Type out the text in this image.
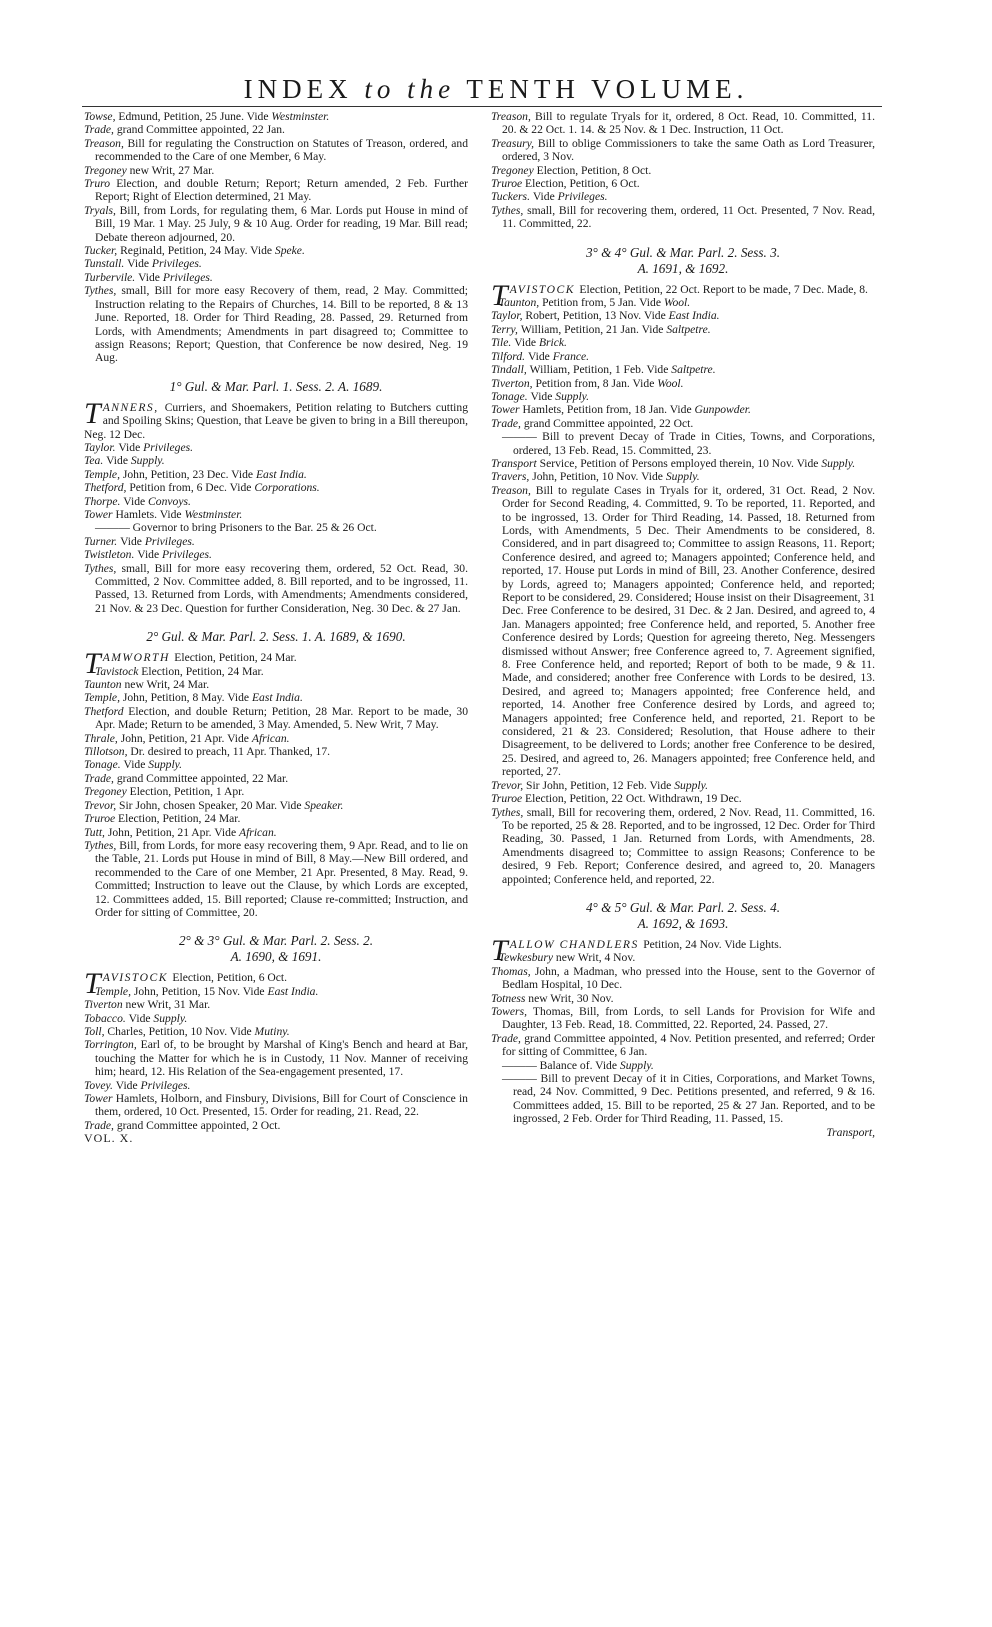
INDEX to the TENTH VOLUME.

Towse, Edmund, Petition, 25 June. Vide Westminster.

Trade, grand Committee appointed, 22 Jan.

Treason, Bill for regulating the Construction on Statutes of Treason, ordered, and recommended to the Care of one Member, 6 May.

Tregoney new Writ, 27 Mar.

Truro Election, and double Return; Report; Return amended, 2 Feb. Further Report; Right of Election determined, 21 May.

Tryals, Bill, from Lords, for regulating them, 6 Mar. Lords put House in mind of Bill, 19 Mar. 1 May. 25 July, 9 & 10 Aug. Order for reading, 19 Mar. Bill read; Debate thereon adjourned, 20.

Tucker, Reginald, Petition, 24 May. Vide Speke.

Tunstall. Vide Privileges.

Turbervile. Vide Privileges.

Tythes, small, Bill for more easy Recovery of them, read, 2 May. Committed; Instruction relating to the Repairs of Churches, 14. Bill to be reported, 8 & 13 June. Reported, 18. Order for Third Reading, 28. Passed, 29. Returned from Lords, with Amendments; Amendments in part disagreed to; Committee to assign Reasons; Report; Question, that Conference be now desired, Neg. 19 Aug.

1° Gul. & Mar. Parl. 1. Sess. 2. A. 1689.

TANNERS, Curriers, and Shoemakers, Petition relating to Butchers cutting and Spoiling Skins; Question, that Leave be given to bring in a Bill thereupon, Neg. 12 Dec.

Taylor. Vide Privileges.

Tea. Vide Supply.

Temple, John, Petition, 23 Dec. Vide East India.

Thetford, Petition from, 6 Dec. Vide Corporations.

Thorpe. Vide Convoys.

Tower Hamlets. Vide Westminster.

——— Governor to bring Prisoners to the Bar. 25 & 26 Oct.

Turner. Vide Privileges.

Twistleton. Vide Privileges.

Tythes, small, Bill for more easy recovering them, ordered, 52 Oct. Read, 30. Committed, 2 Nov. Committee added, 8. Bill reported, and to be ingrossed, 11. Passed, 13. Returned from Lords, with Amendments; Amendments considered, 21 Nov. & 23 Dec. Question for further Consideration, Neg. 30 Dec. & 27 Jan.

2° Gul. & Mar. Parl. 2. Sess. 1. A. 1689, & 1690.

TAMWORTH Election, Petition, 24 Mar.

Tavistock Election, Petition, 24 Mar.

Taunton new Writ, 24 Mar.

Temple, John, Petition, 8 May. Vide East India.

Thetford Election, and double Return; Petition, 28 Mar. Report to be made, 30 Apr. Made; Return to be amended, 3 May. Amended, 5. New Writ, 7 May.

Thrale, John, Petition, 21 Apr. Vide African.

Tillotson, Dr. desired to preach, 11 Apr. Thanked, 17.

Tonage. Vide Supply.

Trade, grand Committee appointed, 22 Mar.

Tregoney Election, Petition, 1 Apr.

Trevor, Sir John, chosen Speaker, 20 Mar. Vide Speaker.

Truroe Election, Petition, 24 Mar.

Tutt, John, Petition, 21 Apr. Vide African.

Tythes, Bill, from Lords, for more easy recovering them, 9 Apr. Read, and to lie on the Table, 21. Lords put House in mind of Bill, 8 May.—New Bill ordered, and recommended to the Care of one Member, 21 Apr. Presented, 8 May. Read, 9. Committed; Instruction to leave out the Clause, by which Lords are excepted, 12. Committees added, 15. Bill reported; Clause re-committed; Instruction, and Order for sitting of Committee, 20.

2° & 3° Gul. & Mar. Parl. 2. Sess. 2.
A. 1690, & 1691.

TAVISTOCK Election, Petition, 6 Oct.

Temple, John, Petition, 15 Nov. Vide East India.

Tiverton new Writ, 31 Mar.

Tobacco. Vide Supply.

Toll, Charles, Petition, 10 Nov. Vide Mutiny.

Torrington, Earl of, to be brought by Marshal of King's Bench and heard at Bar, touching the Matter for which he is in Custody, 11 Nov. Manner of receiving him; heard, 12. His Relation of the Sea-engagement presented, 17.

Tovey. Vide Privileges.

Tower Hamlets, Holborn, and Finsbury, Divisions, Bill for Court of Conscience in them, ordered, 10 Oct. Presented, 15. Order for reading, 21. Read, 22.

Trade, grand Committee appointed, 2 Oct.

VOL. X.

Treason, Bill to regulate Tryals for it, ordered, 8 Oct. Read, 10. Committed, 11. 20. & 22 Oct. 1. 14. & 25 Nov. & 1 Dec. Instruction, 11 Oct.

Treasury, Bill to oblige Commissioners to take the same Oath as Lord Treasurer, ordered, 3 Nov.

Tregoney Election, Petition, 8 Oct.

Truroe Election, Petition, 6 Oct.

Tuckers. Vide Privileges.

Tythes, small, Bill for recovering them, ordered, 11 Oct. Presented, 7 Nov. Read, 11. Committed, 22.

3° & 4° Gul. & Mar. Parl. 2. Sess. 3.
A. 1691, & 1692.

TAVISTOCK Election, Petition, 22 Oct. Report to be made, 7 Dec. Made, 8.

Taunton, Petition from, 5 Jan. Vide Wool.

Taylor, Robert, Petition, 13 Nov. Vide East India.

Terry, William, Petition, 21 Jan. Vide Saltpetre.

Tile. Vide Brick.

Tilford. Vide France.

Tindall, William, Petition, 1 Feb. Vide Saltpetre.

Tiverton, Petition from, 8 Jan. Vide Wool.

Tonage. Vide Supply.

Tower Hamlets, Petition from, 18 Jan. Vide Gunpowder.

Trade, grand Committee appointed, 22 Oct.

——— Bill to prevent Decay of Trade in Cities, Towns, and Corporations, ordered, 13 Feb. Read, 15. Committed, 23.

Transport Service, Petition of Persons employed therein, 10 Nov. Vide Supply.

Travers, John, Petition, 10 Nov. Vide Supply.

Treason, Bill to regulate Cases in Tryals for it, ordered, 31 Oct. Read, 2 Nov. Order for Second Reading, 4. Committed, 9. To be reported, 11. Reported, and to be ingrossed, 13. Order for Third Reading, 14. Passed, 18. Returned from Lords, with Amendments, 5 Dec. Their Amendments to be considered, 8. Considered, and in part disagreed to; Committee to assign Reasons, 11. Report; Conference desired, and agreed to; Managers appointed; Conference held, and reported, 17. House put Lords in mind of Bill, 23. Another Conference, desired by Lords, agreed to; Managers appointed; Conference held, and reported; Report to be considered, 29. Considered; House insist on their Disagreement, 31 Dec. Free Conference to be desired, 31 Dec. & 2 Jan. Desired, and agreed to, 4 Jan. Managers appointed; free Conference held, and reported, 5. Another free Conference desired by Lords; Question for agreeing thereto, Neg. Messengers dismissed without Answer; free Conference agreed to, 7. Agreement signified, 8. Free Conference held, and reported; Report of both to be made, 9 & 11. Made, and considered; another free Conference with Lords to be desired, 13. Desired, and agreed to; Managers appointed; free Conference held, and reported, 14. Another free Conference desired by Lords, and agreed to; Managers appointed; free Conference held, and reported, 21. Report to be considered, 21 & 23. Considered; Resolution, that House adhere to their Disagreement, to be delivered to Lords; another free Conference to be desired, 25. Desired, and agreed to, 26. Managers appointed; free Conference held, and reported, 27.

Trevor, Sir John, Petition, 12 Feb. Vide Supply.

Truroe Election, Petition, 22 Oct. Withdrawn, 19 Dec.

Tythes, small, Bill for recovering them, ordered, 2 Nov. Read, 11. Committed, 16. To be reported, 25 & 28. Reported, and to be ingrossed, 12 Dec. Order for Third Reading, 30. Passed, 1 Jan. Returned from Lords, with Amendments, 28. Amendments disagreed to; Committee to assign Reasons; Conference to be desired, 9 Feb. Report; Conference desired, and agreed to, 20. Managers appointed; Conference held, and reported, 22.

4° & 5° Gul. & Mar. Parl. 2. Sess. 4.
A. 1692, & 1693.

TALLOW CHANDLERS Petition, 24 Nov. Vide Lights.

Tewkesbury new Writ, 4 Nov.

Thomas, John, a Madman, who pressed into the House, sent to the Governor of Bedlam Hospital, 10 Dec.

Totness new Writ, 30 Nov.

Towers, Thomas, Bill, from Lords, to sell Lands for Provision for Wife and Daughter, 13 Feb. Read, 18. Committed, 22. Reported, 24. Passed, 27.

Trade, grand Committee appointed, 4 Nov. Petition presented, and referred; Order for sitting of Committee, 6 Jan.

——— Balance of. Vide Supply.

——— Bill to prevent Decay of it in Cities, Corporations, and Market Towns, read, 24 Nov. Committed, 9 Dec. Petitions presented, and referred, 9 & 16. Committees added, 15. Bill to be reported, 25 & 27 Jan. Reported, and to be ingrossed, 2 Feb. Order for Third Reading, 11. Passed, 15.

Transport,
